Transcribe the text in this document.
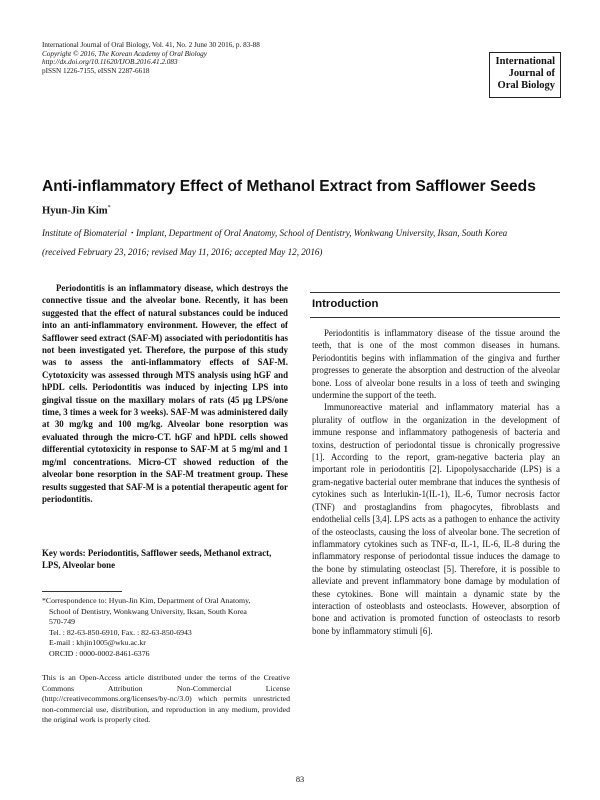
International Journal of Oral Biology, Vol. 41, No. 2 June 30 2016, p. 83-88
Copyright © 2016, The Korean Academy of Oral Biology
http://dx.doi.org/10.11620/IJOB.2016.41.2.083
pISSN 1226-7155, eISSN 2287-6618
International
Journal of
Oral Biology
Anti-inflammatory Effect of Methanol Extract from Safflower Seeds
Hyun-Jin Kim*
Institute of Biomaterial・Implant, Department of Oral Anatomy, School of Dentistry, Wonkwang University, Iksan, South Korea
(received February 23, 2016; revised May 11, 2016; accepted May 12, 2016)

Periodontitis is an inflammatory disease, which destroys the connective tissue and the alveolar bone. Recently, it has been suggested that the effect of natural substances could be induced into an anti-inflammatory environment. However, the effect of Safflower seed extract (SAF-M) associated with periodontitis has not been investigated yet. Therefore, the purpose of this study was to assess the anti-inflammatory effects of SAF-M. Cytotoxicity was assessed through MTS analysis using hGF and hPDL cells. Periodontitis was induced by injecting LPS into gingival tissue on the maxillary molars of rats (45 μg LPS/one time, 3 times a week for 3 weeks). SAF-M was administered daily at 30 mg/kg and 100 mg/kg. Alveolar bone resorption was evaluated through the micro-CT. hGF and hPDL cells showed differential cytotoxicity in response to SAF-M at 5 mg/ml and 1 mg/ml concentrations. Micro-CT showed reduction of the alveolar bone resorption in the SAF-M treatment group. These results suggested that SAF-M is a potential therapeutic agent for periodontitis.

Key words: Periodontitis, Safflower seeds, Methanol extract, LPS, Alveolar bone

*Correspondence to: Hyun-Jin Kim, Department of Oral Anatomy,
School of Dentistry, Wonkwang University, Iksan, South Korea
570-749
Tel. : 82-63-850-6910, Fax. : 82-63-850-6943
E-mail : khjin1005@wku.ac.kr
ORCID : 0000-0002-8461-6376

This is an Open-Access article distributed under the terms of the Creative Commons Attribution Non-Commercial License (http://creativecommons.org/licenses/by-nc/3.0) which permits unrestricted non-commercial use, distribution, and reproduction in any medium, provided the original work is properly cited.

Introduction

Periodontitis is inflammatory disease of the tissue around the teeth, that is one of the most common diseases in humans. Periodontitis begins with inflammation of the gingiva and further progresses to generate the absorption and destruction of the alveolar bone. Loss of alveolar bone results in a loss of teeth and swinging undermine the support of the teeth.

Immunoreactive material and inflammatory material has a plurality of outflow in the organization in the development of immune response and inflammatory pathogenesis of bacteria and toxins, destruction of periodontal tissue is chronically progressive [1]. According to the report, gram-negative bacteria play an important role in periodontitis [2]. Lipopolysaccharide (LPS) is a gram-negative bacterial outer membrane that induces the synthesis of cytokines such as Interlukin-1(IL-1), IL-6, Tumor necrosis factor (TNF) and prostaglandins from phagocytes, fibroblasts and endothelial cells [3,4]. LPS acts as a pathogen to enhance the activity of the osteoclasts, causing the loss of alveolar bone. The secretion of inflammatory cytokines such as TNF-α, IL-1, IL-6, IL-8 during the inflammatory response of periodontal tissue induces the damage to the bone by stimulating osteoclast [5]. Therefore, it is possible to alleviate and prevent inflammatory bone damage by modulation of these cytokines. Bone will maintain a dynamic state by the interaction of osteoblasts and osteoclasts. However, absorption of bone and activation is promoted function of osteoclasts to resorb bone by inflammatory stimuli [6].

83
